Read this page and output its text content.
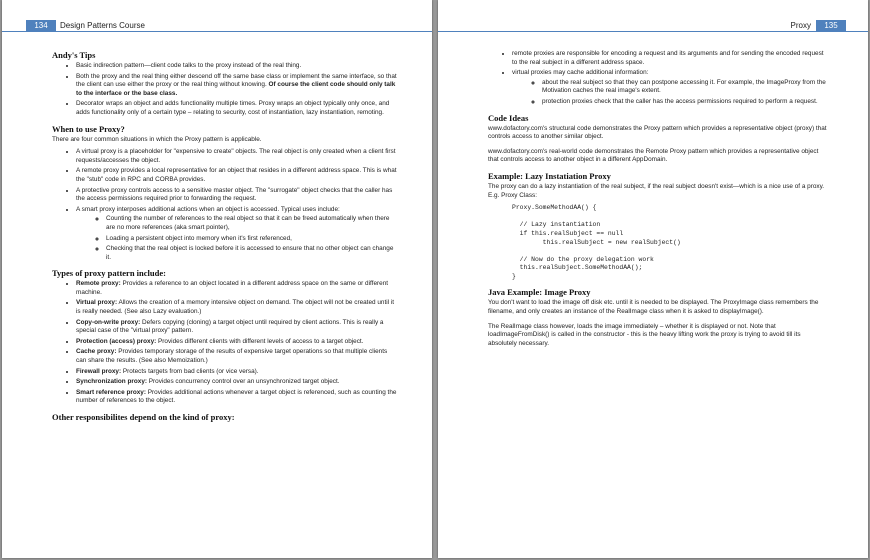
134	Design Patterns Course
Andy's Tips
• Basic indirection pattern—client code talks to the proxy instead of the real thing.
• Both the proxy and the real thing either descend off the same base class or implement the same interface, so that the client can use either the proxy or the real thing without knowing. Of course the client code should only talk to the interface or the base class.
• Decorator wraps an object and adds functionality multiple times. Proxy wraps an object typically only once, and adds functionality only of a certain type – relating to security, cost of instantiation, lazy instantiation, remoting.
When to use Proxy?

There are four common situations in which the Proxy pattern is applicable.

• A virtual proxy is a placeholder for "expensive to create" objects. The real object is only created when a client first requests/accesses the object.
• A remote proxy provides a local representative for an object that resides in a different address space. This is what the "stub" code in RPC and CORBA provides.
• A protective proxy controls access to a sensitive master object. The "surrogate" object checks that the caller has the access permissions required prior to forwarding the request.
• A smart proxy interposes additional actions when an object is accessed. Typical uses include:
◦ Counting the number of references to the real object so that it can be freed automatically when there are no more references (aka smart pointer),
◦ Loading a persistent object into memory when it's first referenced,
◦ Checking that the real object is locked before it is accessed to ensure that no other object can change it.
Types of proxy pattern include:
• Remote proxy: Provides a reference to an object located in a different address space on the same or different machine.
• Virtual proxy: Allows the creation of a memory intensive object on demand. The object will not be created until it is really needed. (See also Lazy evaluation.)
• Copy-on-write proxy: Defers copying (cloning) a target object until required by client actions. This is really a special case of the "virtual proxy" pattern.
• Protection (access) proxy: Provides different clients with different levels of access to a target object.
• Cache proxy: Provides temporary storage of the results of expensive target operations so that multiple clients can share the results. (See also Memoization.)
• Firewall proxy: Protects targets from bad clients (or vice versa).
• Synchronization proxy: Provides concurrency control over an unsynchronized target object.
• Smart reference proxy: Provides additional actions whenever a target object is referenced, such as counting the number of references to the object.
Other responsibilites depend on the kind of proxy:
Proxy	135
• remote proxies are responsible for encoding a request and its arguments and for sending the encoded request to the real subject in a different address space.
• virtual proxies may cache additional information:
◦ about the real subject so that they can postpone accessing it. For example, the ImageProxy from the Motivation caches the real image's extent.
◦ protection proxies check that the caller has the access permissions required to perform a request.
Code Ideas

www.dofactory.com's structural code demonstrates the Proxy pattern which provides a representative object (proxy) that controls access to another similar object.

www.dofactory.com's real-world code demonstrates the Remote Proxy pattern which provides a representative object that controls access to another object in a different AppDomain.

Example: Lazy Instatiation Proxy

The proxy can do a lazy instantiation of the real subject, if the real subject doesn't exist—which is a nice use of a proxy. E.g. Proxy Class:

Proxy.SomeMethodAA() {

// Lazy instantiation
if this.realSubject == null
this.realSubject = new realSubject()

// Now do the proxy delegation work
this.realSubject.SomeMethodAA();
}
Java Example: Image Proxy

You don't want to load the image off disk etc. until it is needed to be displayed. The ProxyImage class remembers the filename, and only creates an instance of the RealImage class when it is asked to displayImage().

The RealImage class however, loads the image immediately – whether it is displayed or not. Note that loadImageFromDisk() is called in the constructor - this is the heavy lifting work the proxy is trying to avoid till its absolutely necessary.
